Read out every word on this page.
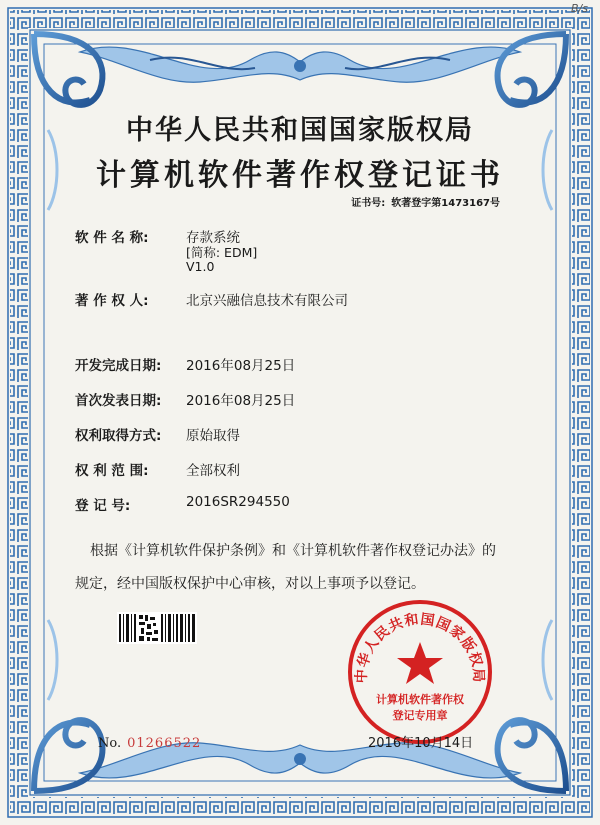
B/s
中华人民共和国国家版权局
计算机软件著作权登记证书
证书号: 软著登字第1473167号
软 件 名 称:	存款系统
[简称: EDM]
V1.0
著 作 权 人:	北京兴融信息技术有限公司
开发完成日期: 2016年08月25日
首次发表日期: 2016年08月25日
权利取得方式: 原始取得
权 利 范 围:	全部权利
登 记 号:	2016SR294550
根据《计算机软件保护条例》和《计算机软件著作权登记办法》的
规定，经中国版权保护中心审核，对以上事项予以登记。
中华人民共和国国家版权局
计算机软件著作权
登记专用章
2016年10月14日
No. 01266522
